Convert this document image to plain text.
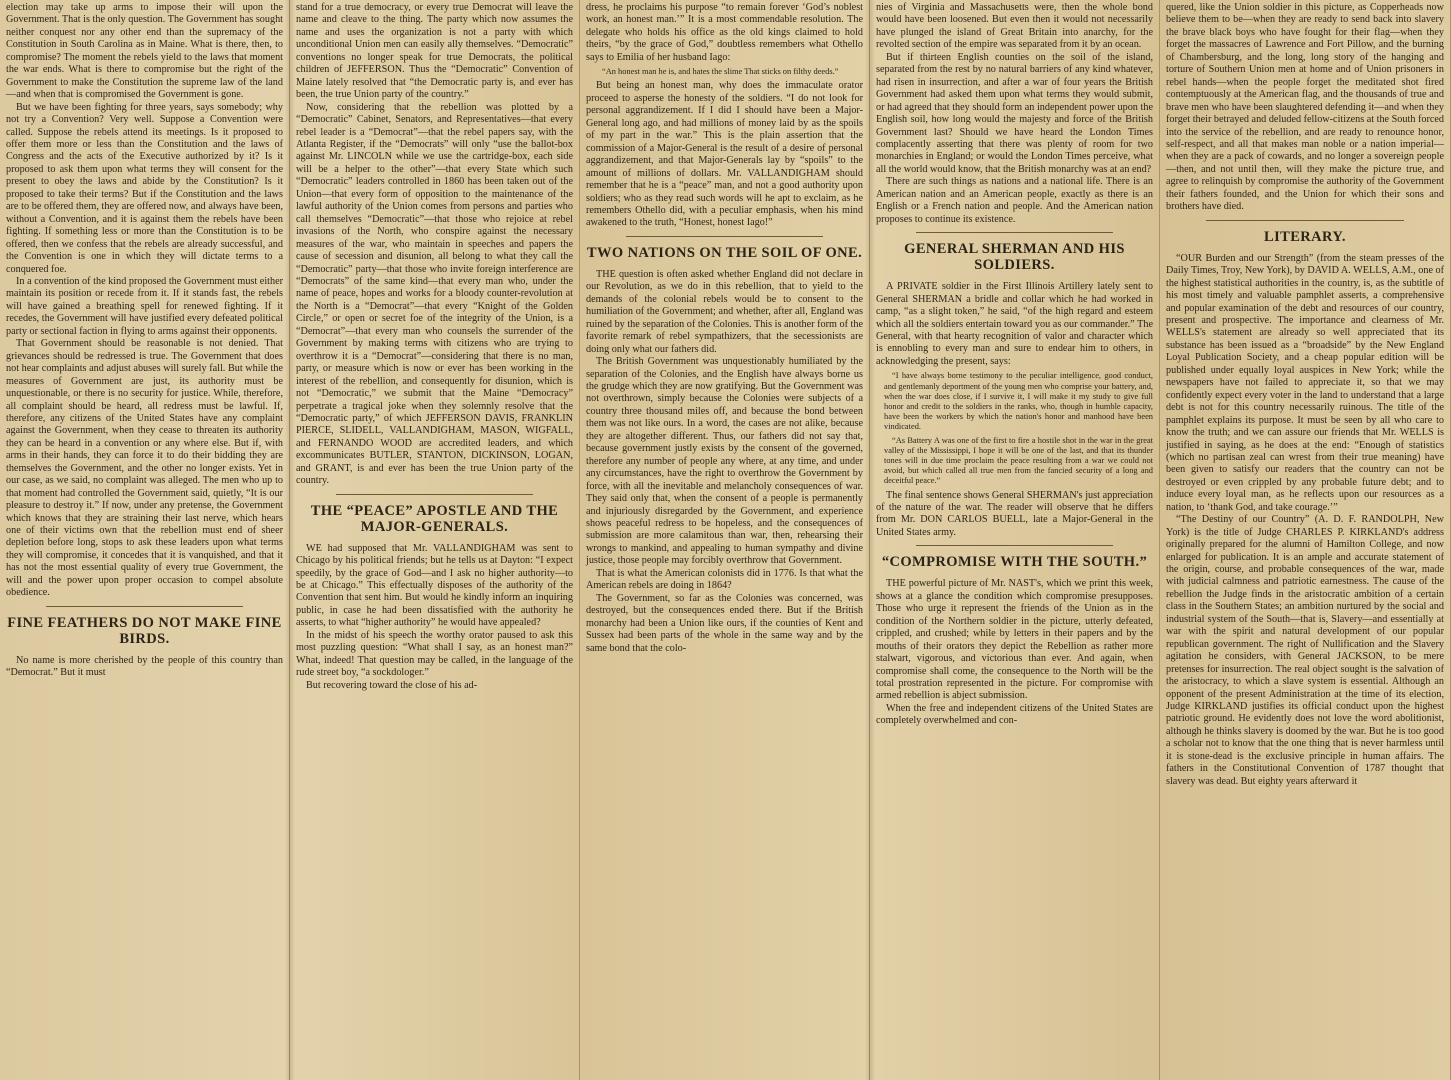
election may take up arms to impose their will upon the Government. That is the only question. The Government has sought neither conquest nor any other end than the supremacy of the Constitution in South Carolina as in Maine. What is there, then, to compromise? The moment the rebels yield to the laws that moment the war ends. What is there to compromise but the right of the Government to make the Constitution the supreme law of the land—and when that is compromised the Government is gone.

But we have been fighting for three years, says somebody; why not try a Convention? Very well. Suppose a Convention were called. Suppose the rebels attend its meetings. Is it proposed to offer them more or less than the Constitution and the laws of Congress and the acts of the Executive authorized by it? Is it proposed to ask them upon what terms they will consent for the present to obey the laws and abide by the Constitution? Is it proposed to take their terms? But if the Constitution and the laws are to be offered them, they are offered now, and always have been, without a Convention, and it is against them the rebels have been fighting. If something less or more than the Constitution is to be offered, then we confess that the rebels are already successful, and the Convention is one in which they will dictate terms to a conquered foe.

In a convention of the kind proposed the Government must either maintain its position or recede from it. If it stands fast, the rebels will have gained a breathing spell for renewed fighting. If it recedes, the Government will have justified every defeated political party or sectional faction in flying to arms against their opponents.

That Government should be reasonable is not denied. That grievances should be redressed is true. The Government that does not hear complaints and adjust abuses will surely fall. But while the measures of Government are just, its authority must be unquestionable, or there is no security for justice. While, therefore, all complaint should be heard, all redress must be lawful. If, therefore, any citizens of the United States have any complaint against the Government, when they cease to threaten its authority they can be heard in a convention or any where else. But if, with arms in their hands, they can force it to do their bidding they are themselves the Government, and the other no longer exists. Yet in our case, as we said, no complaint was alleged. The men who up to that moment had controlled the Government said, quietly, “It is our pleasure to destroy it.” If now, under any pretense, the Government which knows that they are straining their last nerve, which hears one of their victims own that the rebellion must end of sheer depletion before long, stops to ask these leaders upon what terms they will compromise, it concedes that it is vanquished, and that it has not the most essential quality of every true Government, the will and the power upon proper occasion to compel absolute obedience.

FINE FEATHERS DO NOT MAKE FINE BIRDS.

No name is more cherished by the people of this country than “Democrat.” But it must

stand for a true democracy, or every true Democrat will leave the name and cleave to the thing. The party which now assumes the name and uses the organization is not a party with which unconditional Union men can easily ally themselves. “Democratic” conventions no longer speak for true Democrats, the political children of JEFFERSON. Thus the “Democratic” Convention of Maine lately resolved that “the Democratic party is, and ever has been, the true Union party of the country.”

Now, considering that the rebellion was plotted by a “Democratic” Cabinet, Senators, and Representatives—that every rebel leader is a “Democrat”—that the rebel papers say, with the Atlanta Register, if the “Democrats” will only “use the ballot-box against Mr. LINCOLN while we use the cartridge-box, each side will be a helper to the other”—that every State which such “Democratic” leaders controlled in 1860 has been taken out of the Union—that every form of opposition to the maintenance of the lawful authority of the Union comes from persons and parties who call themselves “Democratic”—that those who rejoice at rebel invasions of the North, who conspire against the necessary measures of the war, who maintain in speeches and papers the cause of secession and disunion, all belong to what they call the “Democratic” party—that those who invite foreign interference are “Democrats” of the same kind—that every man who, under the name of peace, hopes and works for a bloody counter-revolution at the North is a “Democrat”—that every “Knight of the Golden Circle,” or open or secret foe of the integrity of the Union, is a “Democrat”—that every man who counsels the surrender of the Government by making terms with citizens who are trying to overthrow it is a “Democrat”—considering that there is no man, party, or measure which is now or ever has been working in the interest of the rebellion, and consequently for disunion, which is not “Democratic,” we submit that the Maine “Democracy” perpetrate a tragical joke when they solemnly resolve that the “Democratic party,” of which JEFFERSON DAVIS, FRANKLIN PIERCE, SLIDELL, VALLANDIGHAM, MASON, WIGFALL, and FERNANDO WOOD are accredited leaders, and which excommunicates BUTLER, STANTON, DICKINSON, LOGAN, and GRANT, is and ever has been the true Union party of the country.

THE “PEACE” APOSTLE AND THE MAJOR-GENERALS.

WE had supposed that Mr. VALLANDIGHAM was sent to Chicago by his political friends; but he tells us at Dayton: “I expect speedily, by the grace of God—and I ask no higher authority—to be at Chicago.” This effectually disposes of the authority of the Convention that sent him. But would he kindly inform an inquiring public, in case he had been dissatisfied with the authority he asserts, to what “higher authority” he would have appealed?

In the midst of his speech the worthy orator paused to ask this most puzzling question: “What shall I say, as an honest man?” What, indeed! That question may be called, in the language of the rude street boy, “a sockdologer.”

But recovering toward the close of his ad-

dress, he proclaims his purpose “to remain forever ‘God’s noblest work, an honest man.’” It is a most commendable resolution. The delegate who holds his office as the old kings claimed to hold theirs, “by the grace of God,” doubtless remembers what Othello says to Emilia of her husband Iago:

“An honest man he is, and hates the slime That sticks on filthy deeds.”

But being an honest man, why does the immaculate orator proceed to asperse the honesty of the soldiers. “I do not look for personal aggrandizement. If I did I should have been a Major-General long ago, and had millions of money laid by as the spoils of my part in the war.” This is the plain assertion that the commission of a Major-General is the result of a desire of personal aggrandizement, and that Major-Generals lay by “spoils” to the amount of millions of dollars. Mr. VALLANDIGHAM should remember that he is a “peace” man, and not a good authority upon soldiers; who as they read such words will he apt to exclaim, as he remembers Othello did, with a peculiar emphasis, when his mind awakened to the truth, “Honest, honest Iago!”

TWO NATIONS ON THE SOIL OF ONE.

THE question is often asked whether England did not declare in our Revolution, as we do in this rebellion, that to yield to the demands of the colonial rebels would be to consent to the humiliation of the Government; and whether, after all, England was ruined by the separation of the Colonies. This is another form of the favorite remark of rebel sympathizers, that the secessionists are doing only what our fathers did.

The British Government was unquestionably humiliated by the separation of the Colonies, and the English have always borne us the grudge which they are now gratifying. But the Government was not overthrown, simply because the Colonies were subjects of a country three thousand miles off, and because the bond between them was not like ours. In a word, the cases are not alike, because they are altogether different. Thus, our fathers did not say that, because government justly exists by the consent of the governed, therefore any number of people any where, at any time, and under any circumstances, have the right to overthrow the Government by force, with all the inevitable and melancholy consequences of war. They said only that, when the consent of a people is permanently and injuriously disregarded by the Government, and experience shows peaceful redress to be hopeless, and the consequences of submission are more calamitous than war, then, rehearsing their wrongs to mankind, and appealing to human sympathy and divine justice, those people may forcibly overthrow that Government.

That is what the American colonists did in 1776. Is that what the American rebels are doing in 1864?

The Government, so far as the Colonies was concerned, was destroyed, but the consequences ended there. But if the British monarchy had been a Union like ours, if the counties of Kent and Sussex had been parts of the whole in the same way and by the same bond that the colo-

nies of Virginia and Massachusetts were, then the whole bond would have been loosened. But even then it would not necessarily have plunged the island of Great Britain into anarchy, for the revolted section of the empire was separated from it by an ocean.

But if thirteen English counties on the soil of the island, separated from the rest by no natural barriers of any kind whatever, had risen in insurrection, and after a war of four years the British Government had asked them upon what terms they would submit, or had agreed that they should form an independent power upon the English soil, how long would the majesty and force of the British Government last? Should we have heard the London Times complacently asserting that there was plenty of room for two monarchies in England; or would the London Times perceive, what all the world would know, that the British monarchy was at an end?

There are such things as nations and a national life. There is an American nation and an American people, exactly as there is an English or a French nation and people. And the American nation proposes to continue its existence.

GENERAL SHERMAN AND HIS SOLDIERS.

A PRIVATE soldier in the First Illinois Artillery lately sent to General SHERMAN a bridle and collar which he had worked in camp, “as a slight token,” he said, “of the high regard and esteem which all the soldiers entertain toward you as our commander.” The General, with that hearty recognition of valor and character which is ennobling to every man and sure to endear him to others, in acknowledging the present, says:

“I have always borne testimony to the peculiar intelligence, good conduct, and gentlemanly deportment of the young men who comprise your battery, and, when the war does close, if I survive it, I will make it my study to give full honor and credit to the soldiers in the ranks, who, though in humble capacity, have been the workers by which the nation's honor and manhood have been vindicated.

“As Battery A was one of the first to fire a hostile shot in the war in the great valley of the Mississippi, I hope it will be one of the last, and that its thunder tones will in due time proclaim the peace resulting from a war we could not avoid, but which called all true men from the fancied security of a long and deceitful peace.”

The final sentence shows General SHERMAN's just appreciation of the nature of the war. The reader will observe that he differs from Mr. DON CARLOS BUELL, late a Major-General in the United States army.

“COMPROMISE WITH THE SOUTH.”

THE powerful picture of Mr. NAST's, which we print this week, shows at a glance the condition which compromise presupposes. Those who urge it represent the friends of the Union as in the condition of the Northern soldier in the picture, utterly defeated, crippled, and crushed; while by letters in their papers and by the mouths of their orators they depict the Rebellion as rather more stalwart, vigorous, and victorious than ever. And again, when compromise shall come, the consequence to the North will be the total prostration represented in the picture. For compromise with armed rebellion is abject submission.

When the free and independent citizens of the United States are completely overwhelmed and con-

quered, like the Union soldier in this picture, as Copperheads now believe them to be—when they are ready to send back into slavery the brave black boys who have fought for their flag—when they forget the massacres of Lawrence and Fort Pillow, and the burning of Chambersburg, and the long, long story of the hanging and torture of Southern Union men at home and of Union prisoners in rebel hands—when the people forget the meditated shot fired contemptuously at the American flag, and the thousands of true and brave men who have been slaughtered defending it—and when they forget their betrayed and deluded fellow-citizens at the South forced into the service of the rebellion, and are ready to renounce honor, self-respect, and all that makes man noble or a nation imperial—when they are a pack of cowards, and no longer a sovereign people—then, and not until then, will they make the picture true, and agree to relinquish by compromise the authority of the Government their fathers founded, and the Union for which their sons and brothers have died.

LITERARY.

“OUR Burden and our Strength” (from the steam presses of the Daily Times, Troy, New York), by DAVID A. WELLS, A.M., one of the highest statistical authorities in the country, is, as the subtitle of his most timely and valuable pamphlet asserts, a comprehensive and popular examination of the debt and resources of our country, present and prospective. The importance and clearness of Mr. WELLS's statement are already so well appreciated that its substance has been issued as a “broadside” by the New England Loyal Publication Society, and a cheap popular edition will be published under equally loyal auspices in New York; while the newspapers have not failed to appreciate it, so that we may confidently expect every voter in the land to understand that a large debt is not for this country necessarily ruinous. The title of the pamphlet explains its purpose. It must be seen by all who care to know the truth; and we can assure our friends that Mr. WELLS is justified in saying, as he does at the end: “Enough of statistics (which no partisan zeal can wrest from their true meaning) have been given to satisfy our readers that the country can not be destroyed or even crippled by any probable future debt; and to induce every loyal man, as he reflects upon our resources as a nation, to ‘thank God, and take courage.’”

“The Destiny of our Country” (A. D. F. RANDOLPH, New York) is the title of Judge CHARLES P. KIRKLAND's address originally prepared for the alumni of Hamilton College, and now enlarged for publication. It is an ample and accurate statement of the origin, course, and probable consequences of the war, made with judicial calmness and patriotic earnestness. The cause of the rebellion the Judge finds in the aristocratic ambition of a certain class in the Southern States; an ambition nurtured by the social and industrial system of the South—that is, Slavery—and essentially at war with the spirit and natural development of our popular republican government. The right of Nullification and the Slavery agitation he considers, with General JACKSON, to be mere pretenses for insurrection. The real object sought is the salvation of the aristocracy, to which a slave system is essential. Although an opponent of the present Administration at the time of its election, Judge KIRKLAND justifies its official conduct upon the highest patriotic ground. He evidently does not love the word abolitionist, although he thinks slavery is doomed by the war. But he is too good a scholar not to know that the one thing that is never harmless until it is stone-dead is the exclusive principle in human affairs. The fathers in the Constitutional Convention of 1787 thought that slavery was dead. But eighty years afterward it
